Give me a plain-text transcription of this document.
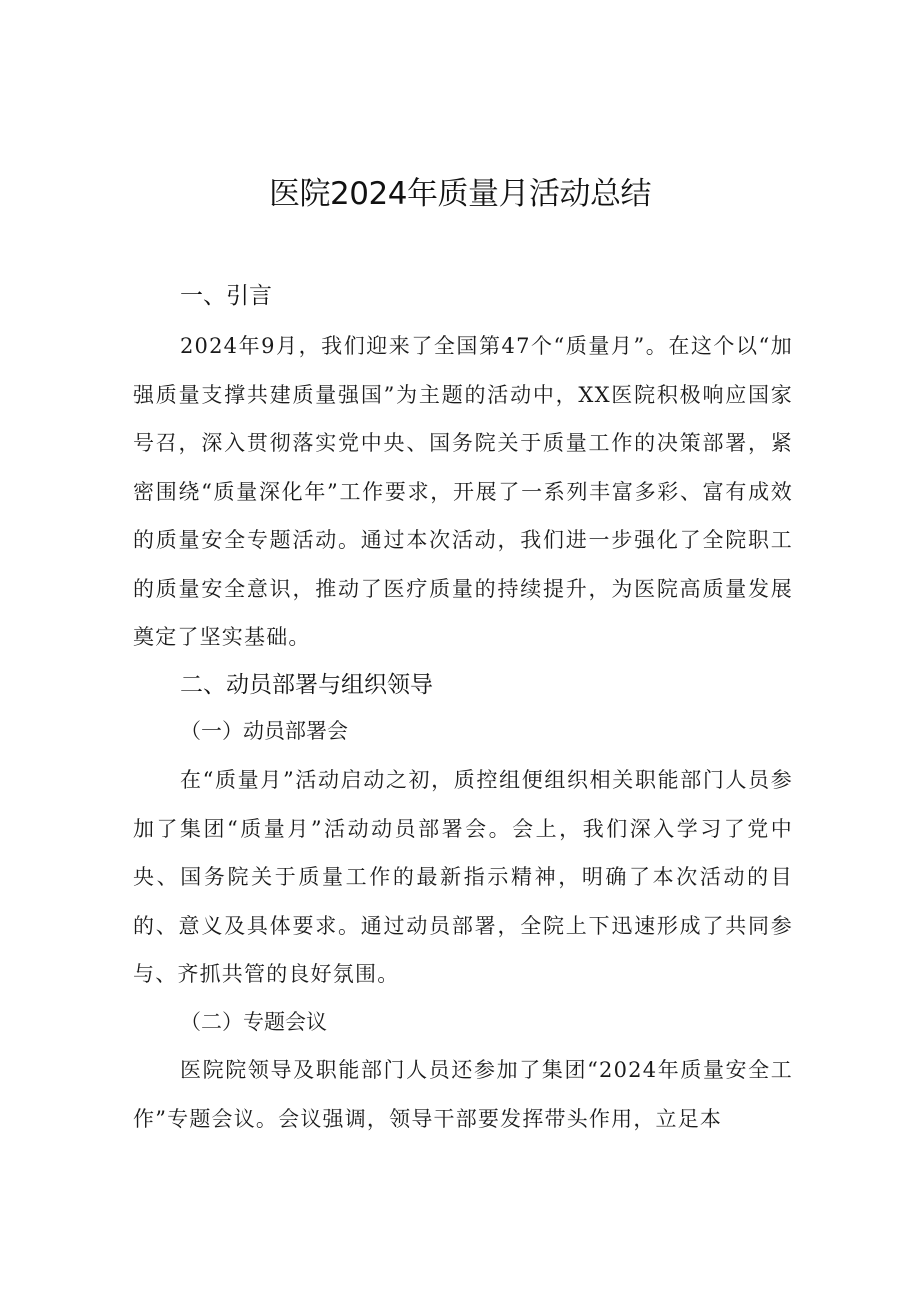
医院2024年质量月活动总结
一、引言

2024年9月，我们迎来了全国第47个“质量月”。在这个以“加强质量支撑共建质量强国”为主题的活动中，XX医院积极响应国家号召，深入贯彻落实党中央、国务院关于质量工作的决策部署，紧密围绕“质量深化年”工作要求，开展了一系列丰富多彩、富有成效的质量安全专题活动。通过本次活动，我们进一步强化了全院职工的质量安全意识，推动了医疗质量的持续提升，为医院高质量发展奠定了坚实基础。

二、动员部署与组织领导
（一）动员部署会

在“质量月”活动启动之初，质控组便组织相关职能部门人员参加了集团“质量月”活动动员部署会。会上，我们深入学习了党中央、国务院关于质量工作的最新指示精神，明确了本次活动的目的、意义及具体要求。通过动员部署，全院上下迅速形成了共同参与、齐抓共管的良好氛围。

（二）专题会议

医院院领导及职能部门人员还参加了集团“2024年质量安全工作”专题会议。会议强调，领导干部要发挥带头作用，立足本
